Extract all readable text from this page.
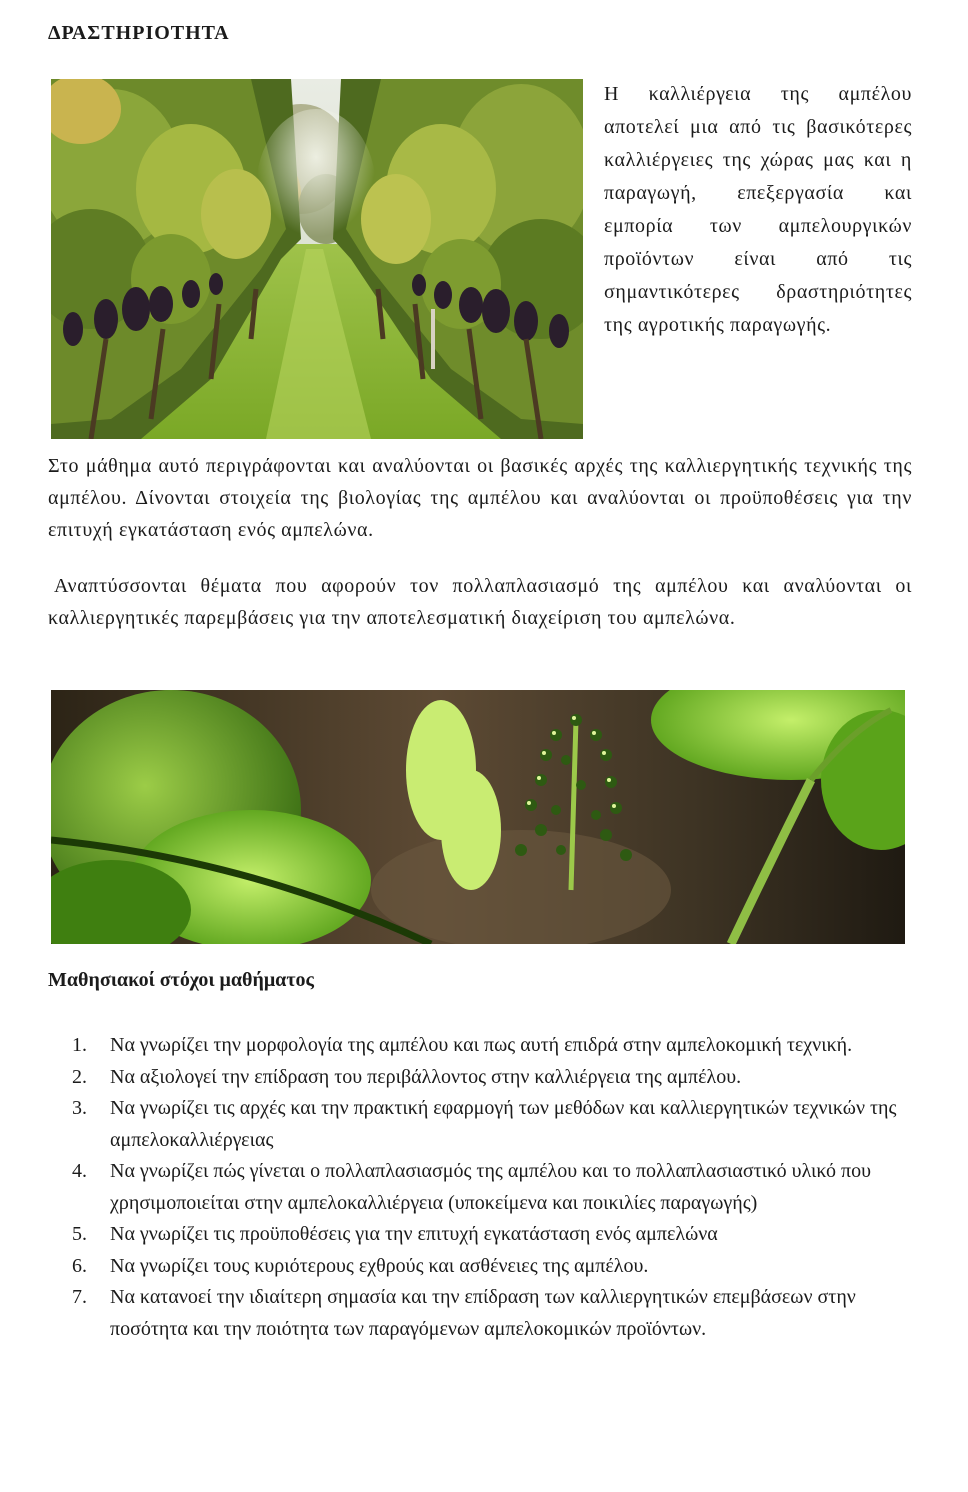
ΔΡΑΣΤΗΡΙΟΤΗΤΑ

Η καλλιέργεια της αμπέλου αποτελεί μια από τις βασικότερες καλλιέργειες της χώρας μας και η παραγωγή, επεξεργασία και εμπορία των αμπελουργικών προϊόντων είναι από τις σημαντικότερες δραστηριότητες της αγροτικής παραγωγής.

Στο μάθημα αυτό περιγράφονται και αναλύονται οι βασικές αρχές της καλλιεργητικής τεχνικής της αμπέλου. Δίνονται στοιχεία της βιολογίας της αμπέλου και αναλύονται οι προϋποθέσεις για την επιτυχή εγκατάσταση ενός αμπελώνα.

Αναπτύσσονται θέματα που αφορούν τον πολλαπλασιασμό της αμπέλου και αναλύονται οι καλλιεργητικές παρεμβάσεις για την αποτελεσματική διαχείριση του αμπελώνα.

Μαθησιακοί στόχοι μαθήματος
1. Να γνωρίζει την μορφολογία της αμπέλου και πως αυτή επιδρά στην αμπελοκομική τεχνική.
2. Να αξιολογεί την επίδραση του περιβάλλοντος στην καλλιέργεια της αμπέλου.
3. Να γνωρίζει τις αρχές και την πρακτική εφαρμογή των μεθόδων και καλλιεργητικών τεχνικών της αμπελοκαλλιέργειας
4. Να γνωρίζει πώς γίνεται ο πολλαπλασιασμός της αμπέλου και το πολλαπλασιαστικό υλικό που χρησιμοποιείται στην αμπελοκαλλιέργεια (υποκείμενα και ποικιλίες παραγωγής)
5. Να γνωρίζει τις προϋποθέσεις για την επιτυχή εγκατάσταση ενός αμπελώνα
6. Να γνωρίζει τους κυριότερους εχθρούς και ασθένειες της αμπέλου.
7. Να κατανοεί την ιδιαίτερη σημασία και την επίδραση των καλλιεργητικών επεμβάσεων στην ποσότητα και την ποιότητα των παραγόμενων αμπελοκομικών προϊόντων.
